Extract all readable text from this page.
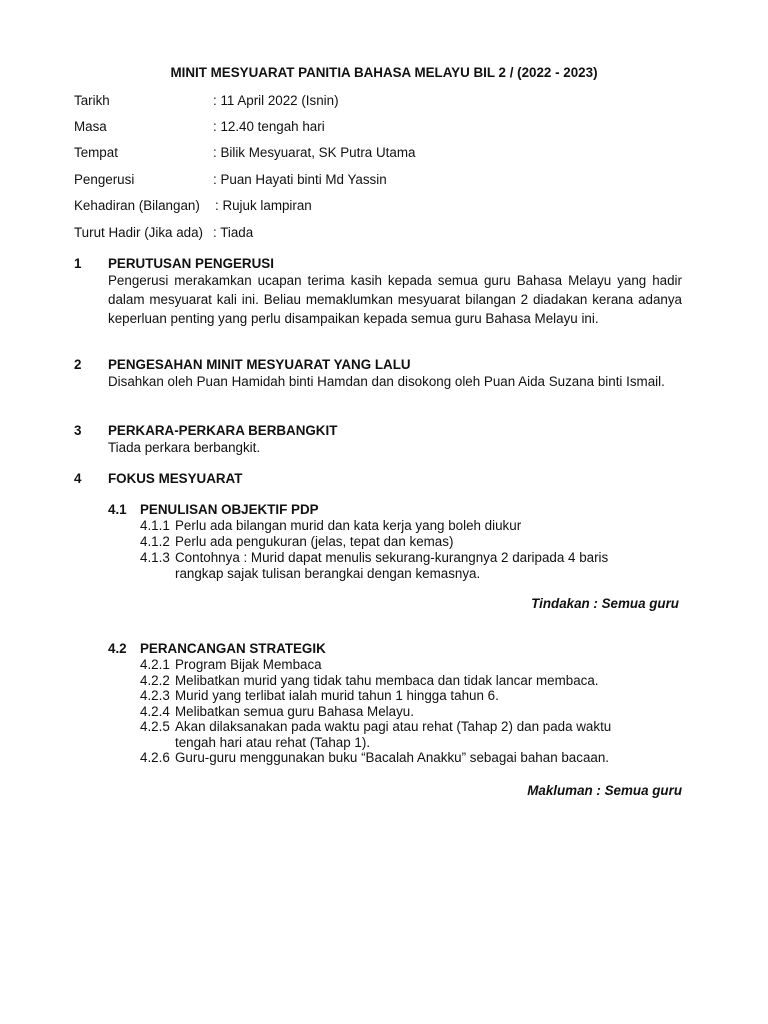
MINIT MESYUARAT PANITIA BAHASA MELAYU BIL 2 / (2022 - 2023)
Tarikh	: 11 April 2022 (Isnin)
Masa	: 12.40 tengah hari
Tempat	: Bilik Mesyuarat, SK Putra Utama
Pengerusi	: Puan Hayati binti Md Yassin
Kehadiran (Bilangan) : Rujuk lampiran
Turut Hadir (Jika ada) : Tiada
1 PERUTUSAN PENGERUSI
Pengerusi merakamkan ucapan terima kasih kepada semua guru Bahasa Melayu yang hadir dalam mesyuarat kali ini. Beliau memaklumkan mesyuarat bilangan 2 diadakan kerana adanya keperluan penting yang perlu disampaikan kepada semua guru Bahasa Melayu ini.
2 PENGESAHAN MINIT MESYUARAT YANG LALU
Disahkan oleh Puan Hamidah binti Hamdan dan disokong oleh Puan Aida Suzana binti Ismail.
3 PERKARA-PERKARA BERBANGKIT
Tiada perkara berbangkit.
4 FOKUS MESYUARAT
4.1 PENULISAN OBJEKTIF PDP
4.1.1 Perlu ada bilangan murid dan kata kerja yang boleh diukur
4.1.2 Perlu ada pengukuran (jelas, tepat dan kemas)
4.1.3 Contohnya : Murid dapat menulis sekurang-kurangnya 2 daripada 4 baris
rangkap sajak tulisan berangkai dengan kemasnya.
Tindakan : Semua guru
4.2 PERANCANGAN STRATEGIK
4.2.1 Program Bijak Membaca
4.2.2 Melibatkan murid yang tidak tahu membaca dan tidak lancar membaca.
4.2.3 Murid yang terlibat ialah murid tahun 1 hingga tahun 6.
4.2.4 Melibatkan semua guru Bahasa Melayu.
4.2.5 Akan dilaksanakan pada waktu pagi atau rehat (Tahap 2) dan pada waktu
tengah hari atau rehat (Tahap 1).
4.2.6 Guru-guru menggunakan buku “Bacalah Anakku” sebagai bahan bacaan.
Makluman : Semua guru
